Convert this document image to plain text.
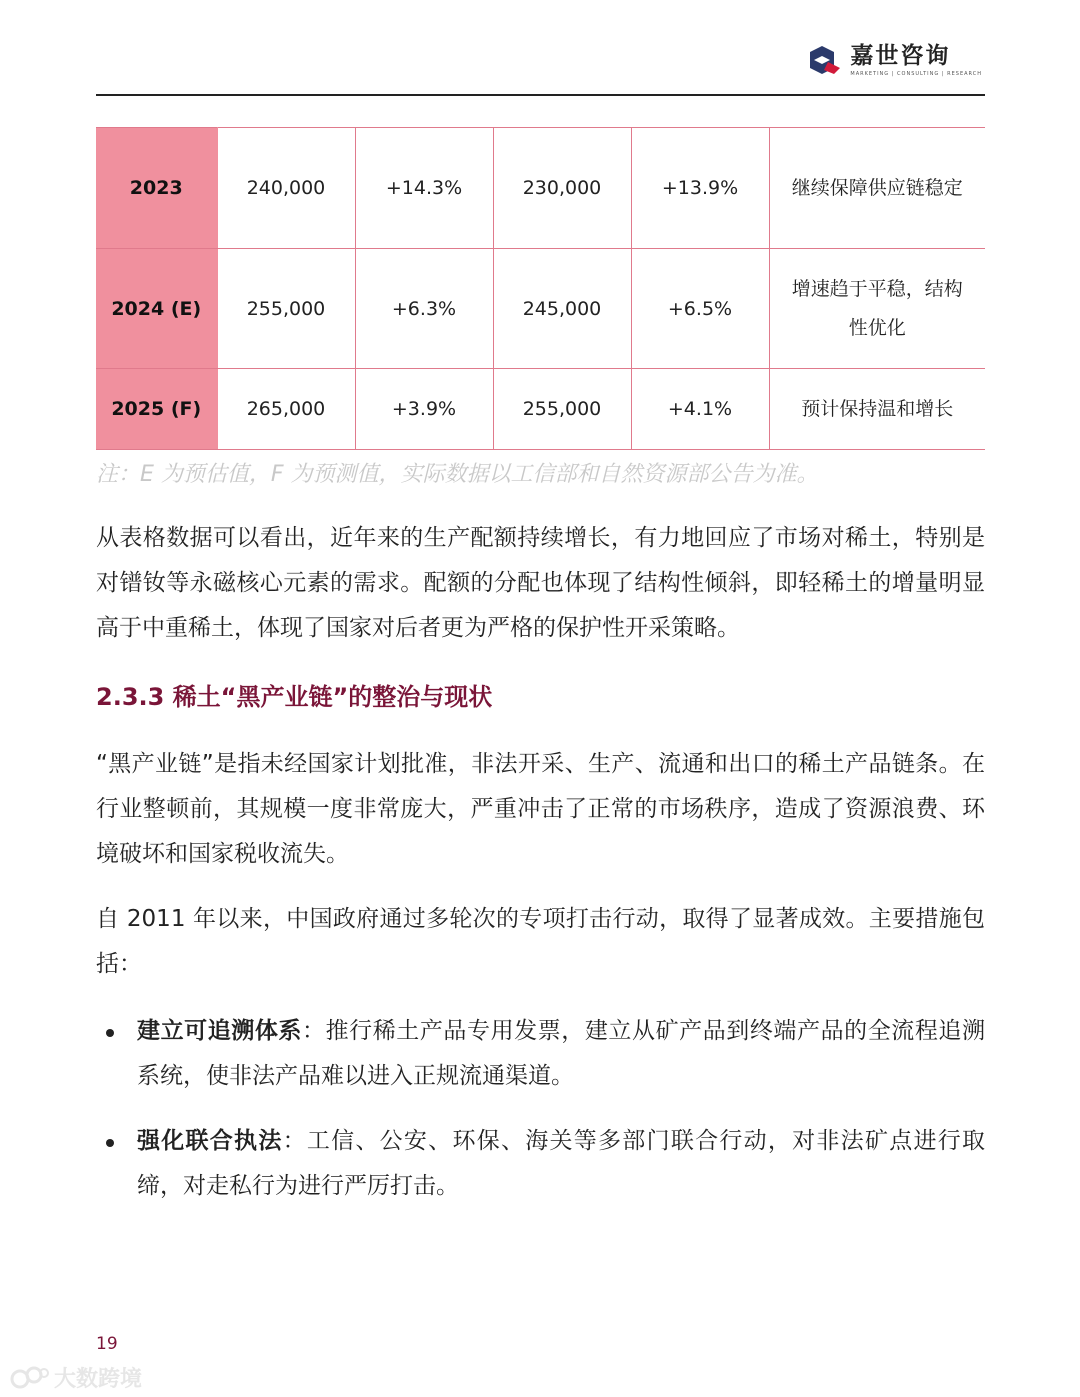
嘉世咨询
MARKETING | CONSULTING | RESEARCH
2023	240,000	+14.3%	230,000	+13.9%	继续保障供应链稳定
2024 (E)	255,000	+6.3%	245,000	+6.5%	增速趋于平稳，结构性优化
2025 (F)	265,000	+3.9%	255,000	+4.1%	预计保持温和增长
注：E 为预估值，F 为预测值，实际数据以工信部和自然资源部公告为准。

从表格数据可以看出，近年来的生产配额持续增长，有力地回应了市场对稀土，特别是对镨钕等永磁核心元素的需求。配额的分配也体现了结构性倾斜，即轻稀土的增量明显高于中重稀土，体现了国家对后者更为严格的保护性开采策略。

2.3.3 稀土“黑产业链”的整治与现状

“黑产业链”是指未经国家计划批准，非法开采、生产、流通和出口的稀土产品链条。在行业整顿前，其规模一度非常庞大，严重冲击了正常的市场秩序，造成了资源浪费、环境破坏和国家税收流失。

自 2011 年以来，中国政府通过多轮次的专项打击行动，取得了显著成效。主要措施包括：

建立可追溯体系：推行稀土产品专用发票，建立从矿产品到终端产品的全流程追溯系统，使非法产品难以进入正规流通渠道。
强化联合执法：工信、公安、环保、海关等多部门联合行动，对非法矿点进行取缔，对走私行为进行严厉打击。
19
大数跨境
